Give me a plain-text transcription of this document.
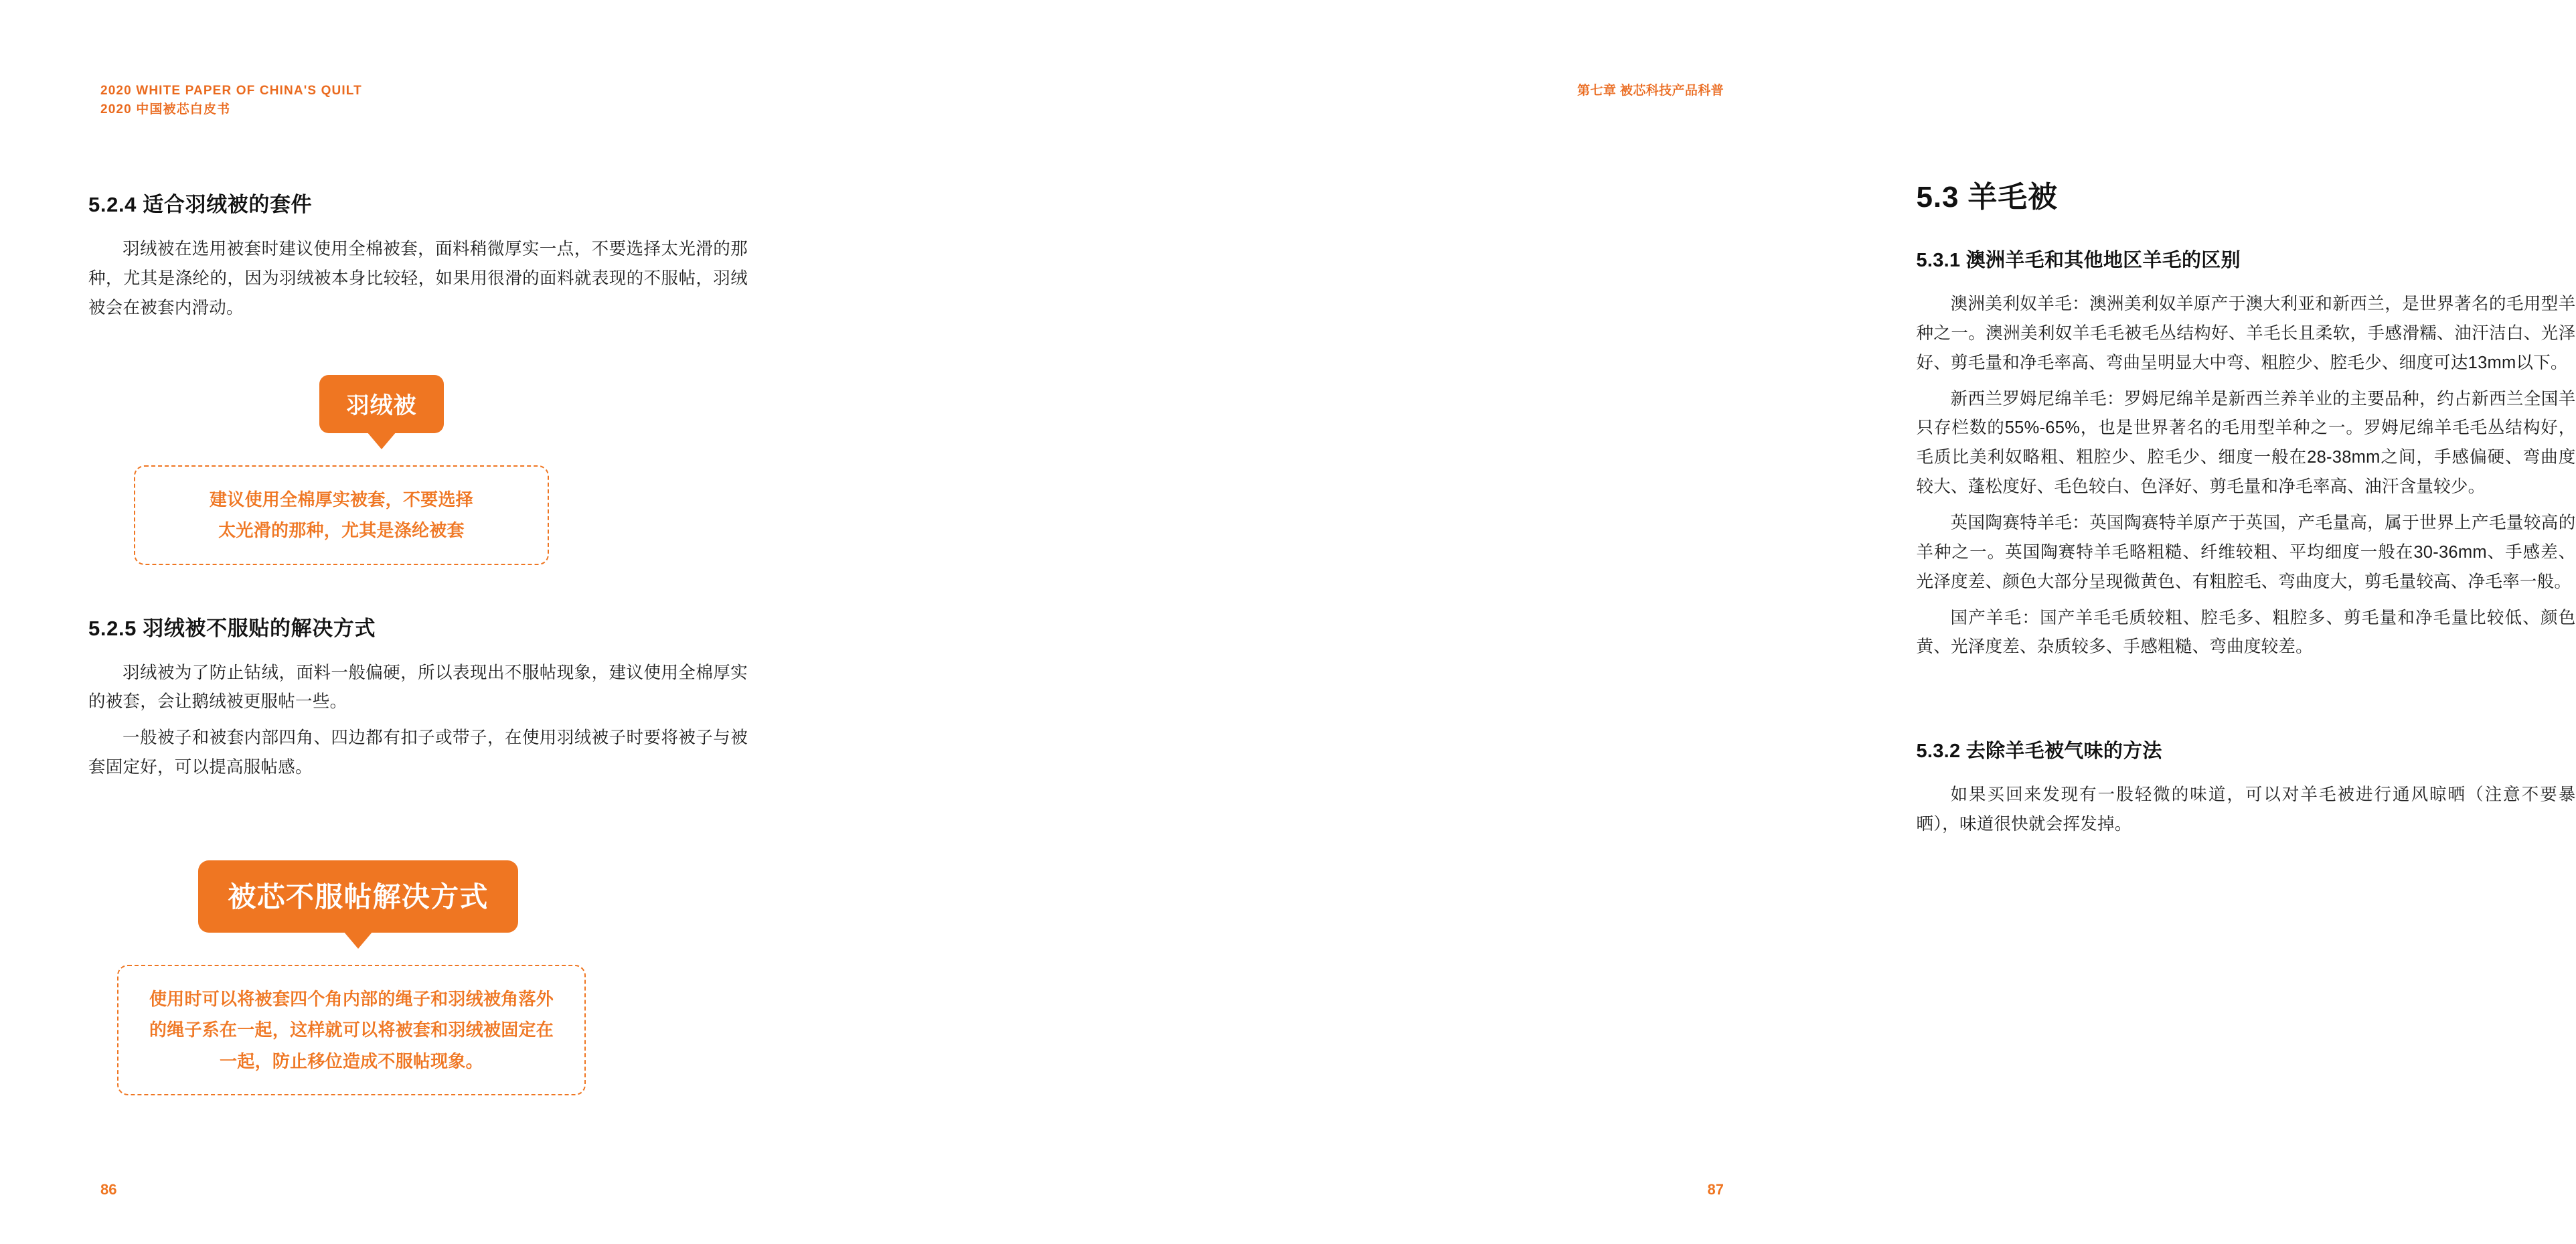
2020 WHITE PAPER OF CHINA'S QUILT
2020 中国被芯白皮书
5.2.4 适合羽绒被的套件

羽绒被在选用被套时建议使用全棉被套，面料稍微厚实一点，不要选择太光滑的那种，尤其是涤纶的，因为羽绒被本身比较轻，如果用很滑的面料就表现的不服帖，羽绒被会在被套内滑动。

5.2.5 羽绒被不服贴的解决方式

羽绒被为了防止钻绒，面料一般偏硬，所以表现出不服帖现象，建议使用全棉厚实的被套，会让鹅绒被更服帖一些。

一般被子和被套内部四角、四边都有扣子或带子，在使用羽绒被子时要将被子与被套固定好，可以提高服帖感。

羽绒被
建议使用全棉厚实被套，不要选择
太光滑的那种，尤其是涤纶被套
被芯不服帖解决方式
使用时可以将被套四个角内部的绳子和羽绒被角落外
的绳子系在一起，这样就可以将被套和羽绒被固定在
一起，防止移位造成不服帖现象。
86
第七章 被芯科技产品科普
5.3 羊毛被
5.3.1 澳洲羊毛和其他地区羊毛的区别

澳洲美利奴羊毛：澳洲美利奴羊原产于澳大利亚和新西兰，是世界著名的毛用型羊种之一。澳洲美利奴羊毛毛被毛丛结构好、羊毛长且柔软，手感滑糯、油汗洁白、光泽好、剪毛量和净毛率高、弯曲呈明显大中弯、粗腔少、腔毛少、细度可达13mm以下。

新西兰罗姆尼绵羊毛：罗姆尼绵羊是新西兰养羊业的主要品种，约占新西兰全国羊只存栏数的55%-65%，也是世界著名的毛用型羊种之一。罗姆尼绵羊毛毛丛结构好，毛质比美利奴略粗、粗腔少、腔毛少、细度一般在28-38mm之间，手感偏硬、弯曲度较大、蓬松度好、毛色较白、色泽好、剪毛量和净毛率高、油汗含量较少。

英国陶赛特羊毛：英国陶赛特羊原产于英国，产毛量高，属于世界上产毛量较高的羊种之一。英国陶赛特羊毛略粗糙、纤维较粗、平均细度一般在30-36mm、手感差、光泽度差、颜色大部分呈现微黄色、有粗腔毛、弯曲度大，剪毛量较高、净毛率一般。

国产羊毛：国产羊毛毛质较粗、腔毛多、粗腔多、剪毛量和净毛量比较低、颜色黄、光泽度差、杂质较多、手感粗糙、弯曲度较差。

5.3.2 去除羊毛被气味的方法

如果买回来发现有一股轻微的味道，可以对羊毛被进行通风晾晒（注意不要暴晒），味道很快就会挥发掉。

87
